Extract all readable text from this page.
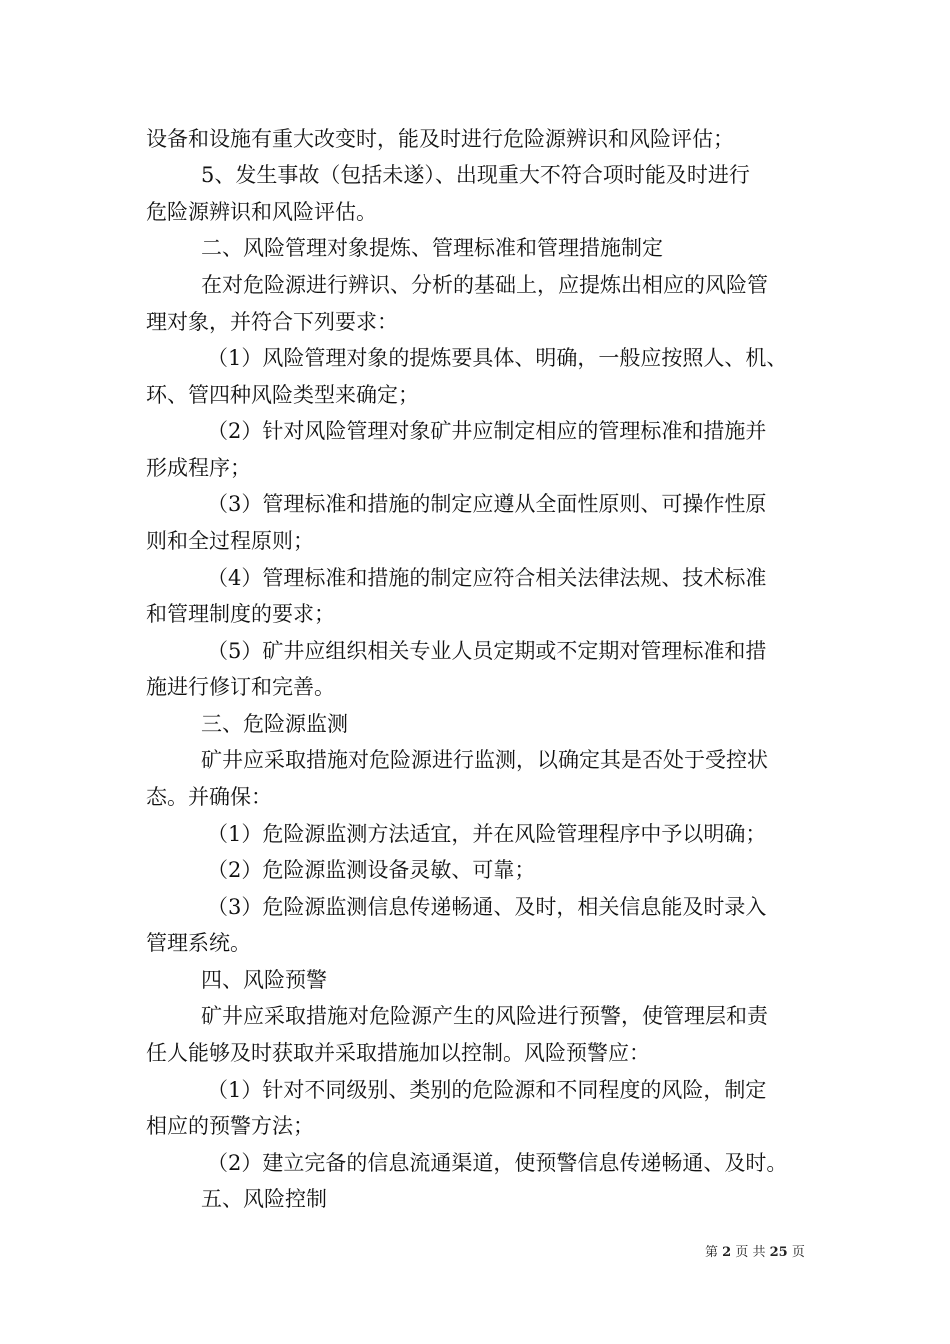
设备和设施有重大改变时，能及时进行危险源辨识和风险评估；
5、发生事故（包括未遂）、出现重大不符合项时能及时进行
危险源辨识和风险评估。
二、风险管理对象提炼、管理标准和管理措施制定
在对危险源进行辨识、分析的基础上，应提炼出相应的风险管
理对象，并符合下列要求：
（1）风险管理对象的提炼要具体、明确，一般应按照人、机、
环、管四种风险类型来确定；
（2）针对风险管理对象矿井应制定相应的管理标准和措施并
形成程序；
（3）管理标准和措施的制定应遵从全面性原则、可操作性原
则和全过程原则；
（4）管理标准和措施的制定应符合相关法律法规、技术标准
和管理制度的要求；
（5）矿井应组织相关专业人员定期或不定期对管理标准和措
施进行修订和完善。
三、危险源监测
矿井应采取措施对危险源进行监测，以确定其是否处于受控状
态。并确保：
（1）危险源监测方法适宜，并在风险管理程序中予以明确；
（2）危险源监测设备灵敏、可靠；
（3）危险源监测信息传递畅通、及时，相关信息能及时录入
管理系统。
四、风险预警
矿井应采取措施对危险源产生的风险进行预警，使管理层和责
任人能够及时获取并采取措施加以控制。风险预警应：
（1）针对不同级别、类别的危险源和不同程度的风险，制定
相应的预警方法；
（2）建立完备的信息流通渠道，使预警信息传递畅通、及时。
五、风险控制
第 2 页 共 25 页
